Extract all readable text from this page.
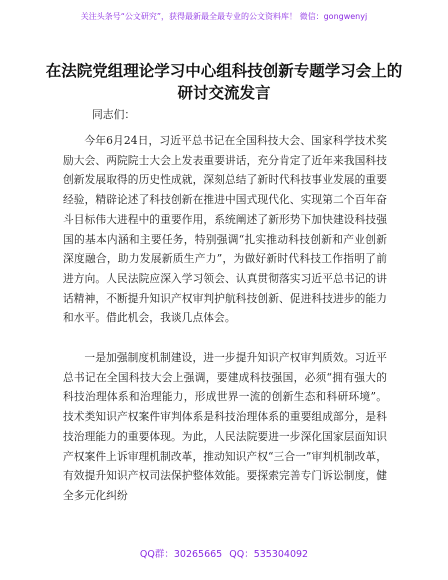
关注头条号“公文研究”，获得最新最全最专业的公文资料库！ 微信：gongwenyj
在法院党组理论学习中心组科技创新专题学习会上的研讨交流发言
同志们：

今年6月24日，习近平总书记在全国科技大会、国家科学技术奖励大会、两院院士大会上发表重要讲话，充分肯定了近年来我国科技创新发展取得的历史性成就，深刻总结了新时代科技事业发展的重要经验，精辟论述了科技创新在推进中国式现代化、实现第二个百年奋斗目标伟大进程中的重要作用，系统阐述了新形势下加快建设科技强国的基本内涵和主要任务，特别强调“扎实推动科技创新和产业创新深度融合，助力发展新质生产力”，为做好新时代科技工作指明了前进方向。人民法院应深入学习领会、认真贯彻落实习近平总书记的讲话精神，不断提升知识产权审判护航科技创新、促进科技进步的能力和水平。借此机会，我谈几点体会。

一是加强制度机制建设，进一步提升知识产权审判质效。习近平总书记在全国科技大会上强调，要建成科技强国，必须“拥有强大的科技治理体系和治理能力，形成世界一流的创新生态和科研环境”。技术类知识产权案件审判体系是科技治理体系的重要组成部分，是科技治理能力的重要体现。为此，人民法院要进一步深化国家层面知识产权案件上诉审理机制改革，推动知识产权“三合一”审判机制改革，有效提升知识产权司法保护整体效能。要探索完善专门诉讼制度，健全多元化纠纷

QQ群：30265665 QQ：535304092
